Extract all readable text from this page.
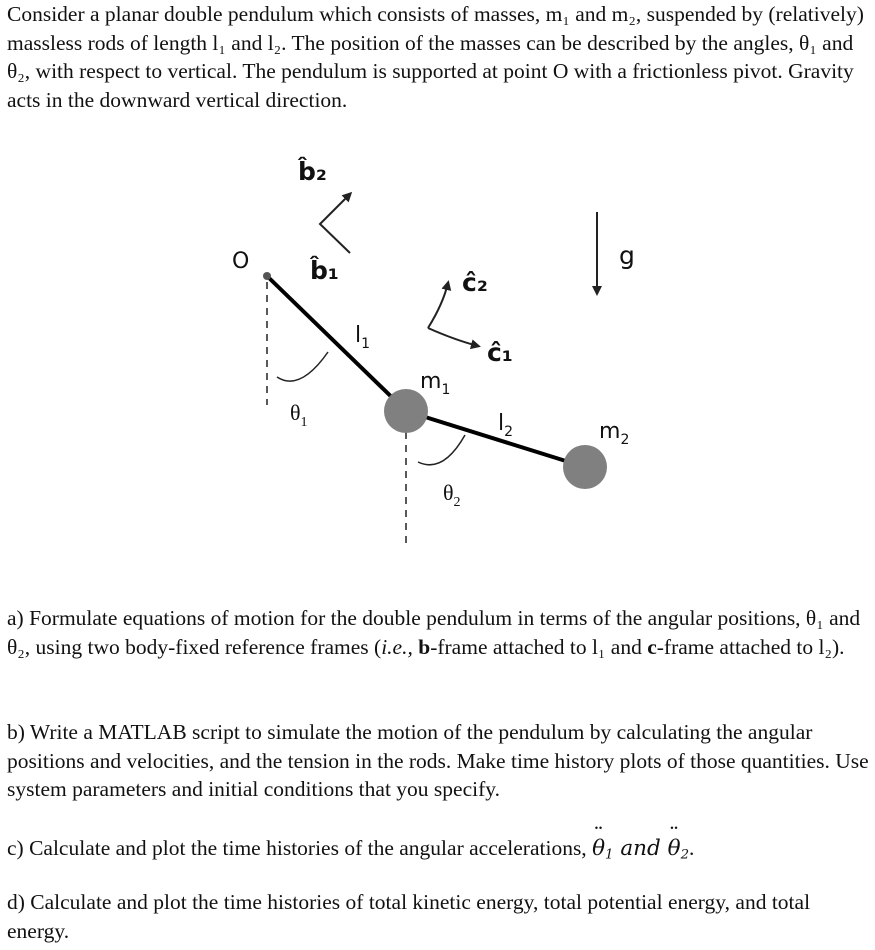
Consider a planar double pendulum which consists of masses, m₁ and m₂, suspended by (relatively) massless rods of length l₁ and l₂. The position of the masses can be described by the angles, θ₁ and θ₂, with respect to vertical. The pendulum is supported at point O with a frictionless pivot. Gravity acts in the downward vertical direction.

O
b̂₂
b̂₁	ĉ₂
ĉ₁
g
$l_1$
$l_2$
$m_1$
$m_2$
$\theta_1$
$\theta_2$

a) Formulate equations of motion for the double pendulum in terms of the angular positions, θ₁ and θ₂, using two body-fixed reference frames (i.e., b-frame attached to l₁ and c-frame attached to l₂).

b) Write a MATLAB script to simulate the motion of the pendulum by calculating the angular positions and velocities, and the tension in the rods. Make time history plots of those quantities. Use system parameters and initial conditions that you specify.

c) Calculate and plot the time histories of the angular accelerations, ¨ $\theta_1$ and ¨ $\theta_2$.

d) Calculate and plot the time histories of total kinetic energy, total potential energy, and total energy.
